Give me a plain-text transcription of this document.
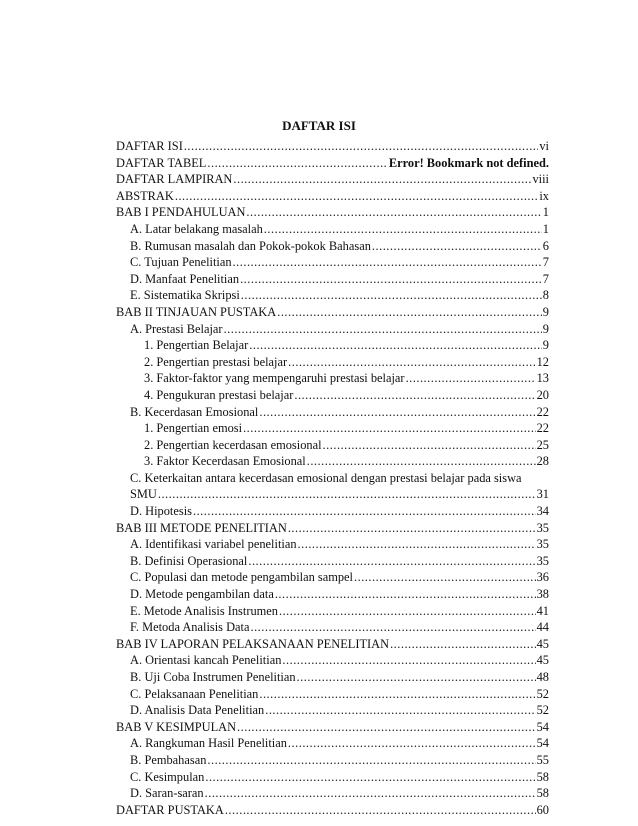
DAFTAR ISI
DAFTAR ISI .....	vi
DAFTAR TABEL .....	Error! Bookmark not defined.
DAFTAR LAMPIRAN .....	viii
ABSTRAK .....	ix
BAB I PENDAHULUAN .....	1
A. Latar belakang masalah .....	1
B. Rumusan masalah dan Pokok-pokok Bahasan .....	6
C. Tujuan Penelitian .....	7
D. Manfaat Penelitian .....	7
E. Sistematika Skripsi .....	8
BAB II TINJAUAN PUSTAKA .....	9
A. Prestasi Belajar .....	9
1. Pengertian Belajar .....	9
2. Pengertian prestasi belajar .....	12
3. Faktor-faktor yang mempengaruhi prestasi belajar .....	13
4. Pengukuran prestasi belajar .....	20
B. Kecerdasan Emosional .....	22
1. Pengertian emosi .....	22
2. Pengertian kecerdasan emosional .....	25
3. Faktor Kecerdasan Emosional .....	28
C. Keterkaitan antara kecerdasan emosional dengan prestasi belajar pada siswa
SMU .....	31
D. Hipotesis .....	34
BAB III METODE PENELITIAN .....	35
A. Identifikasi variabel penelitian .....	35
B. Definisi Operasional .....	35
C. Populasi dan metode pengambilan sampel .....	36
D. Metode pengambilan data .....	38
E. Metode Analisis Instrumen .....	41
F. Metoda Analisis Data .....	44
BAB IV LAPORAN PELAKSANAAN PENELITIAN .....	45
A. Orientasi kancah Penelitian .....	45
B. Uji Coba Instrumen Penelitian .....	48
C. Pelaksanaan Penelitian .....	52
D. Analisis Data Penelitian .....	52
BAB V KESIMPULAN .....	54
A. Rangkuman Hasil Penelitian .....	54
B. Pembahasan .....	55
C. Kesimpulan .....	58
D. Saran-saran .....	58
DAFTAR PUSTAKA .....	60
